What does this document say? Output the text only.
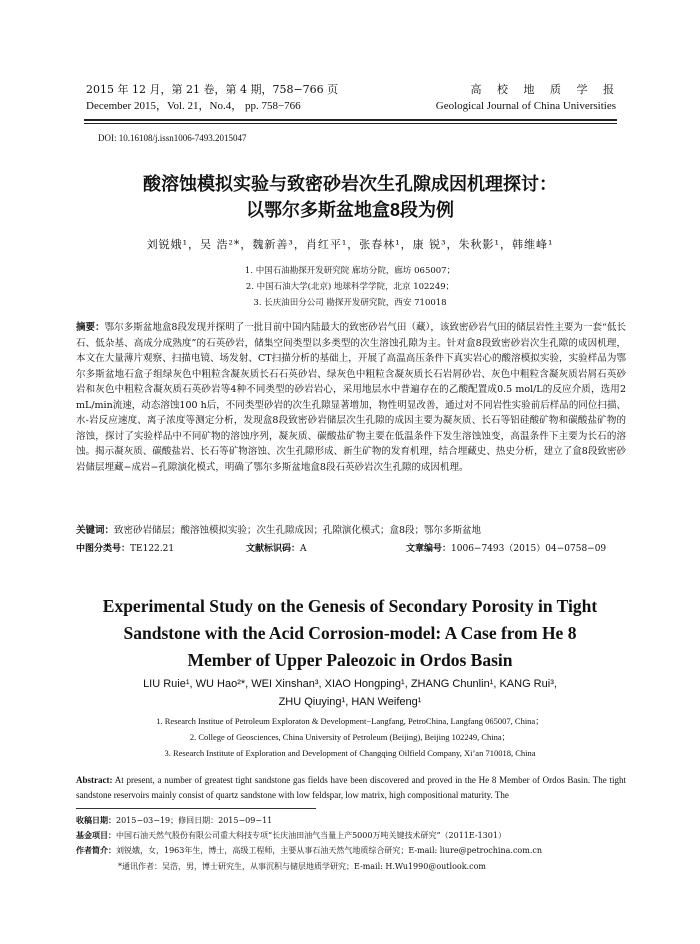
2015 年 12 月，第 21 卷，第 4 期，758−766 页
December 2015，Vol. 21，No.4， pp. 758−766
高 校 地 质 学 报
Geological Journal of China Universities
DOI: 10.16108/j.issn1006-7493.2015047
酸溶蚀模拟实验与致密砂岩次生孔隙成因机理探讨：
以鄂尔多斯盆地盒8段为例
刘锐娥¹，吴 浩²*，魏新善³，肖红平¹，张春林¹，康 锐³，朱秋影¹，韩维峰¹
1. 中国石油勘探开发研究院 廊坊分院，廊坊 065007；
2. 中国石油大学(北京) 地球科学学院，北京 102249；
3. 长庆油田分公司 勘探开发研究院，西安 710018
摘要：鄂尔多斯盆地盒8段发现并探明了一批目前中国内陆最大的致密砂岩气田（藏），该致密砂岩气田的储层岩性主要为一套“低长石、低杂基、高成分成熟度”的石英砂岩，储集空间类型以多类型的次生溶蚀孔隙为主。针对盒8段致密砂岩次生孔隙的成因机理，本文在大量薄片观察、扫描电镜、场发射、CT扫描分析的基础上，开展了高温高压条件下真实岩心的酸溶模拟实验，实验样品为鄂尔多斯盆地石盒子组绿灰色中粗粒含凝灰质长石石英砂岩、绿灰色中粗粒含凝灰质长石岩屑砂岩、灰色中粗粒含凝灰质岩屑石英砂岩和灰色中粗粒含凝灰质石英砂岩等4种不同类型的砂岩岩心，采用地层水中普遍存在的乙酸配置成0.5 mol/L的反应介质，选用2 mL/min流速，动态溶蚀100 h后，不同类型砂岩的次生孔隙显著增加，物性明显改善，通过对不同岩性实验前后样品的同位扫描、水-岩反应速度、离子浓度等测定分析，发现盒8段致密砂岩储层次生孔隙的成因主要为凝灰质、长石等铝硅酸矿物和碳酸盐矿物的溶蚀，探讨了实验样品中不同矿物的溶蚀序列，凝灰质、碳酸盐矿物主要在低温条件下发生溶蚀蚀变，高温条件下主要为长石的溶蚀。揭示凝灰质、碳酸盐岩、长石等矿物溶蚀、次生孔隙形成、新生矿物的发育机理，结合埋藏史、热史分析，建立了盒8段致密砂岩储层埋藏−成岩−孔隙演化模式，明确了鄂尔多斯盆地盒8段石英砂岩次生孔隙的成因机理。
关键词：致密砂岩储层；酸溶蚀模拟实验；次生孔隙成因；孔隙演化模式；盒8段；鄂尔多斯盆地
中图分类号：TE122.21	文献标识码：A	文章编号：1006−7493（2015）04−0758−09
Experimental Study on the Genesis of Secondary Porosity in Tight
Sandstone with the Acid Corrosion-model: A Case from He 8
Member of Upper Paleozoic in Ordos Basin
LIU Ruie¹, WU Hao²*, WEI Xinshan³, XIAO Hongping¹, ZHANG Chunlin¹, KANG Rui³,
ZHU Qiuying¹, HAN Weifeng¹
1. Research Institue of Petroleum Exploraton & Development−Langfang, PetroChina, Langfang 065007, China；
2. College of Geosciences, China University of Petroleum (Beijing), Beijing 102249, China；
3. Research Institute of Exploration and Development of Changqing Oilfield Company, Xi’an 710018, China
Abstract: At present, a number of greatest tight sandstone gas fields have been discovered and proved in the He 8 Member of Ordos Basin. The tight sandstone reservoirs mainly consist of quartz sandstone with low feldspar, low matrix, high compositional maturity. The
收稿日期：2015−03−19；修回日期：2015−09−11
基金项目：中国石油天然气股份有限公司重大科技专项“长庆油田油气当量上产5000万吨关键技术研究”（2011E-1301）
作者简介：刘锐娥，女，1963年生，博士，高级工程师，主要从事石油天然气地质综合研究；E-mail: liure@petrochina.com.cn
*通讯作者：吴浩，男，博士研究生，从事沉积与储层地质学研究；E-mail: H.Wu1990@outlook.com
